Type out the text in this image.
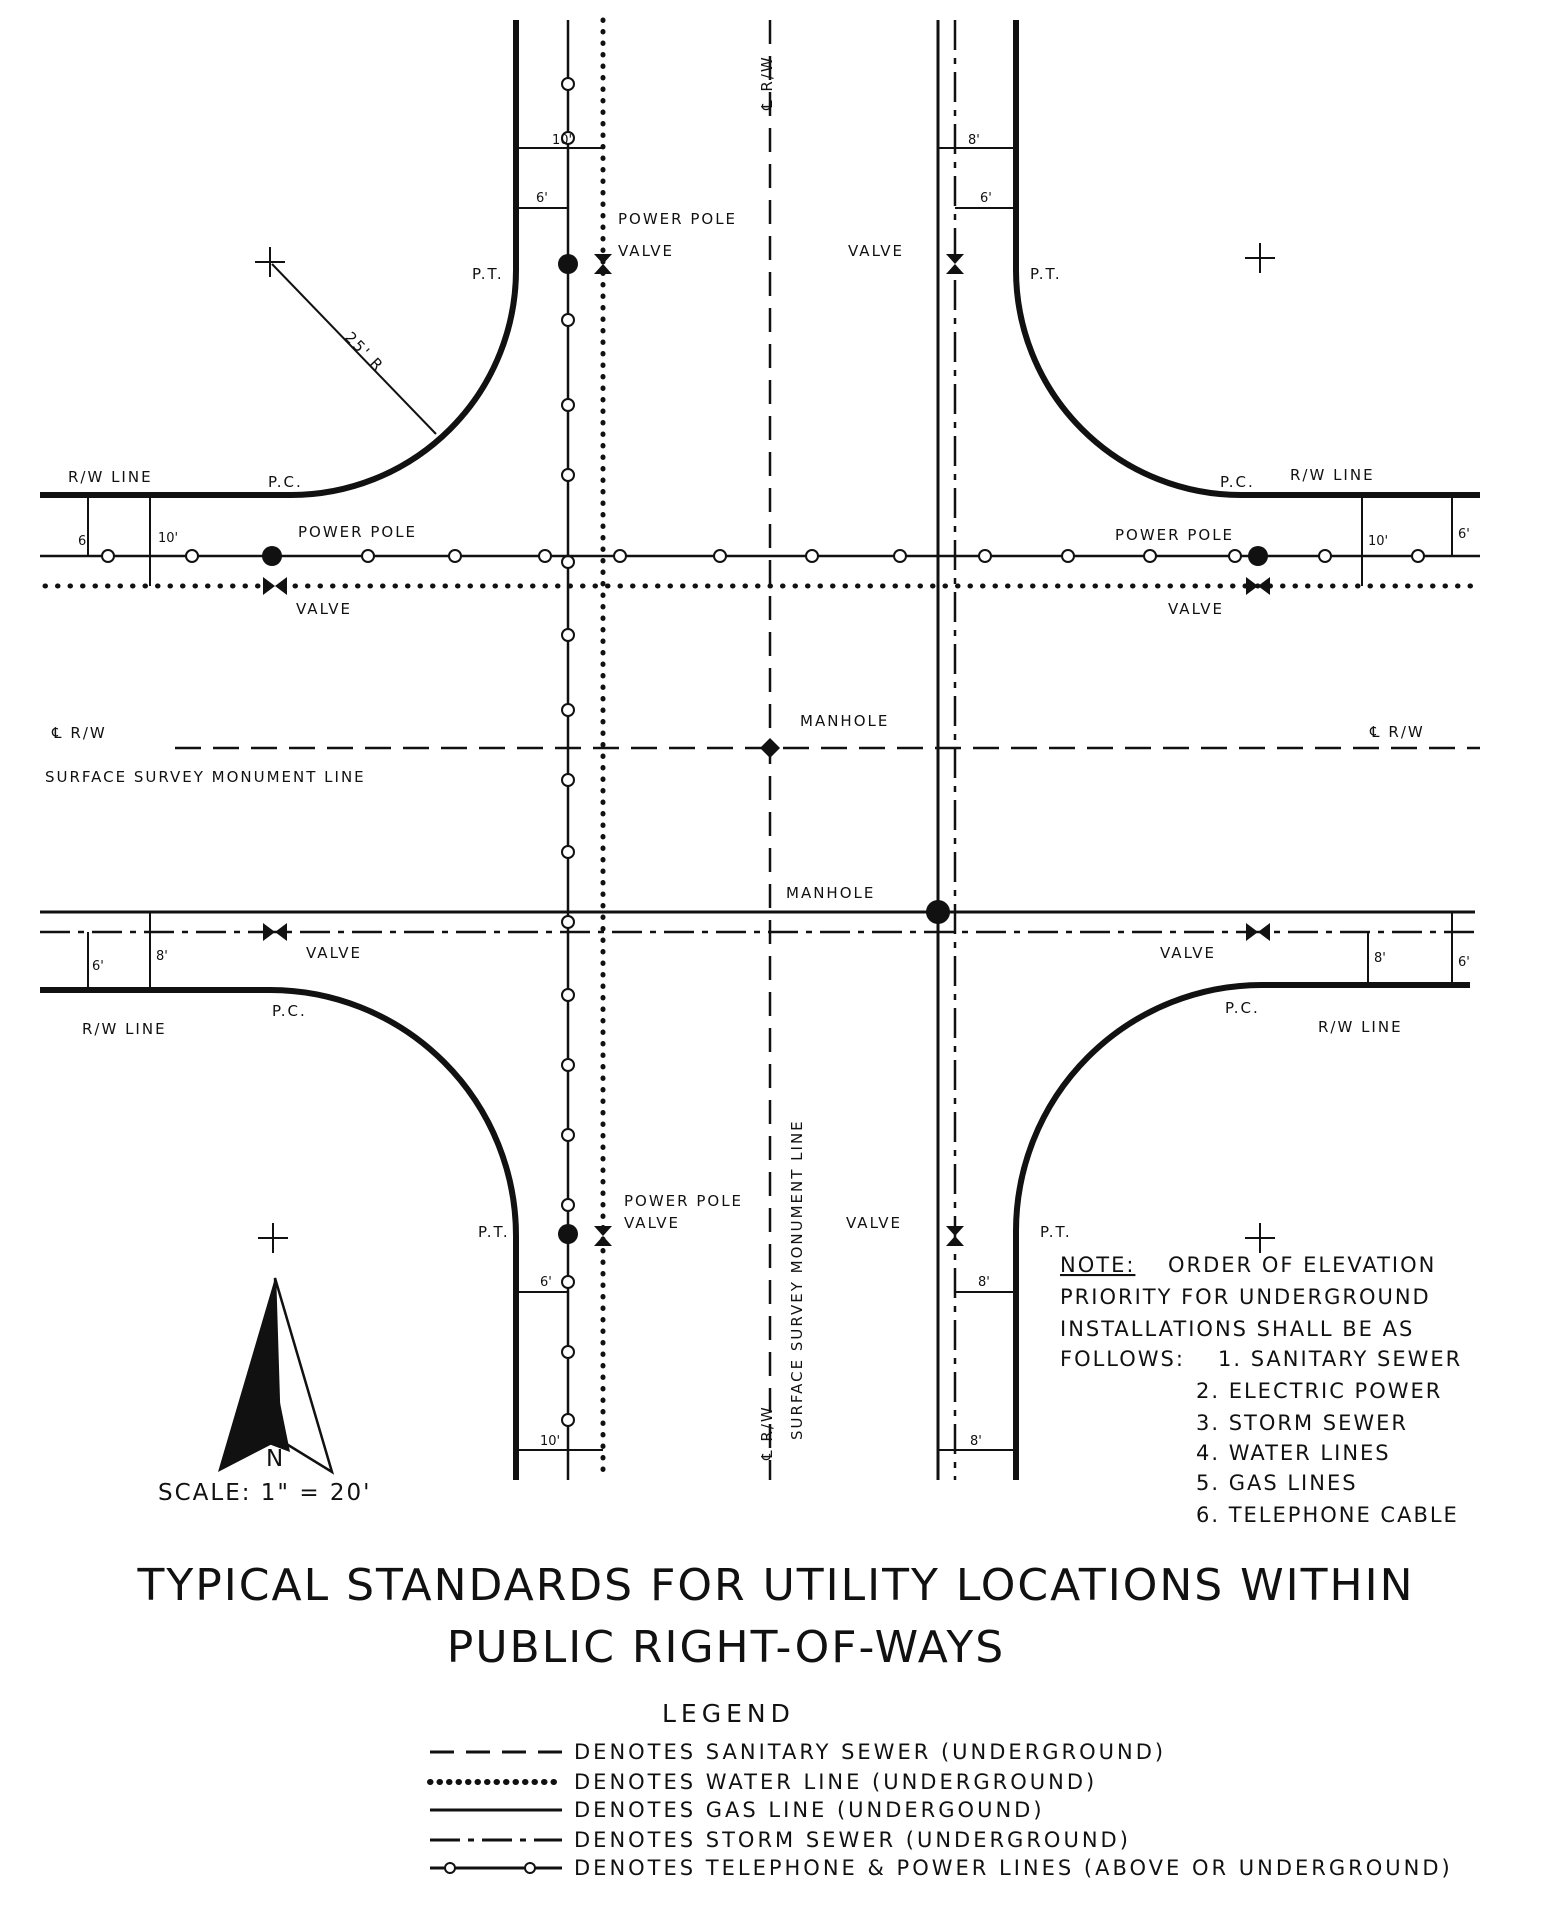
R/W LINE	P.C.
P.T.
POWER POLE
VALVE	VALVE
P.T.
P.C. R/W LINE
POWER POLE	POWER POLE
VALVE	VALVE
℄ R/W
SURFACE SURVEY MONUMENT LINE
MANHOLE
℄ R/W
MANHOLE
VALVE	VALVE
P.C.
R/W LINE
P.C.
R/W LINE
POWER POLE
VALVE	VALVE
P.T.	P.T.
25' R
℄ R/W
SURFACE SURVEY MONUMENT LINE
℄ R/W
10'
6'
8'
6'
6'	10'	10'	6'
6'
8'	8'	6'
6'
10'
8'
8'
NOTE: ORDER OF ELEVATION
PRIORITY FOR UNDERGROUND
INSTALLATIONS SHALL BE AS
FOLLOWS: 1. SANITARY SEWER
2. ELECTRIC POWER
3. STORM SEWER
4. WATER LINES
5. GAS LINES
6. TELEPHONE CABLE
N
SCALE: 1" = 20'
TYPICAL STANDARDS FOR UTILITY LOCATIONS WITHIN
PUBLIC RIGHT-OF-WAYS
LEGEND
DENOTES SANITARY SEWER (UNDERGROUND)
DENOTES WATER LINE (UNDERGROUND)
DENOTES GAS LINE (UNDERGOUND)
DENOTES STORM SEWER (UNDERGROUND)
DENOTES TELEPHONE & POWER LINES (ABOVE OR UNDERGROUND)
